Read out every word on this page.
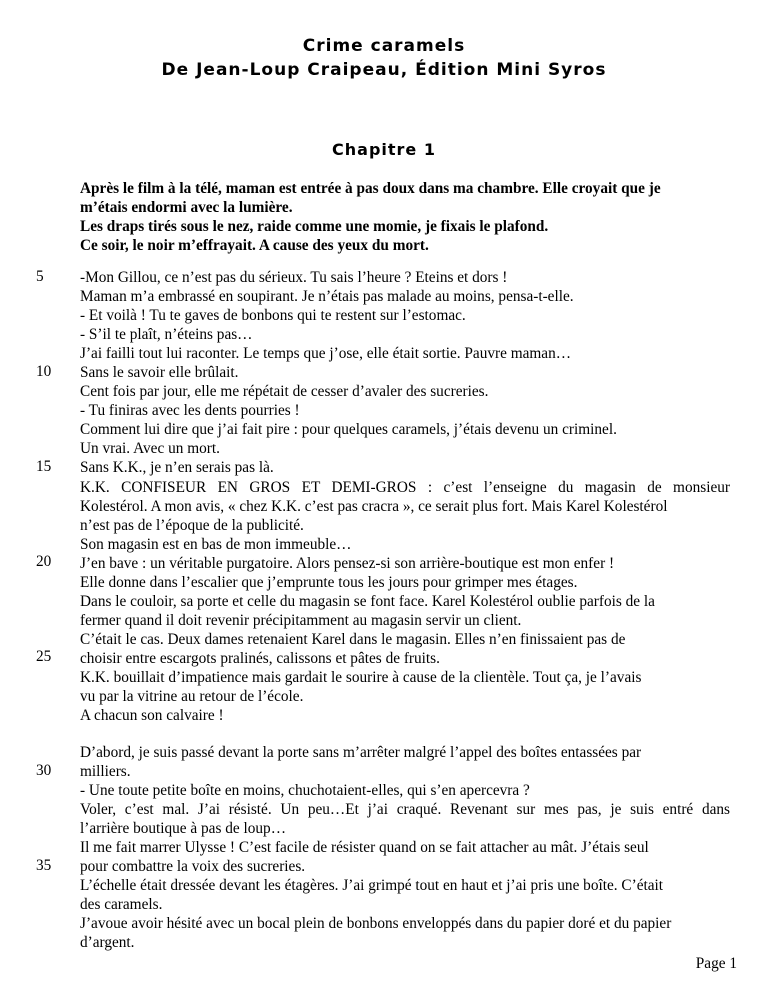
Crime caramels
De Jean-Loup Craipeau, Édition Mini Syros
Chapitre 1
Après le film à la télé, maman est entrée à pas doux dans ma chambre. Elle croyait que je
m’étais endormi avec la lumière.
Les draps tirés sous le nez, raide comme une momie, je fixais le plafond.
Ce soir, le noir m’effrayait. A cause des yeux du mort.
-Mon Gillou, ce n’est pas du sérieux. Tu sais l’heure ? Eteins et dors !
Maman m’a embrassé en soupirant. Je n’étais pas malade au moins, pensa-t-elle.
- Et voilà ! Tu te gaves de bonbons qui te restent sur l’estomac.
- S’il te plaît, n’éteins pas…
J’ai failli tout lui raconter. Le temps que j’ose, elle était sortie. Pauvre maman…
Sans le savoir elle brûlait.
Cent fois par jour, elle me répétait de cesser d’avaler des sucreries.
- Tu finiras avec les dents pourries !
Comment lui dire que j’ai fait pire : pour quelques caramels, j’étais devenu un criminel.
Un vrai. Avec un mort.
Sans K.K., je n’en serais pas là.
K.K. CONFISEUR EN GROS ET DEMI-GROS : c’est l’enseigne du magasin de monsieur
Kolestérol. A mon avis, « chez K.K. c’est pas cracra », ce serait plus fort. Mais Karel Kolestérol
n’est pas de l’époque de la publicité.
Son magasin est en bas de mon immeuble…
J’en bave : un véritable purgatoire. Alors pensez-si son arrière-boutique est mon enfer !
Elle donne dans l’escalier que j’emprunte tous les jours pour grimper mes étages.
Dans le couloir, sa porte et celle du magasin se font face. Karel Kolestérol oublie parfois de la
fermer quand il doit revenir précipitamment au magasin servir un client.
C’était le cas. Deux dames retenaient Karel dans le magasin. Elles n’en finissaient pas de
choisir entre escargots pralinés, calissons et pâtes de fruits.
K.K. bouillait d’impatience mais gardait le sourire à cause de la clientèle. Tout ça, je l’avais
vu par la vitrine au retour de l’école.
A chacun son calvaire !
D’abord, je suis passé devant la porte sans m’arrêter malgré l’appel des boîtes entassées par
milliers.
- Une toute petite boîte en moins, chuchotaient-elles, qui s’en apercevra ?
Voler, c’est mal. J’ai résisté. Un peu…Et j’ai craqué. Revenant sur mes pas, je suis entré dans
l’arrière boutique à pas de loup…
Il me fait marrer Ulysse ! C’est facile de résister quand on se fait attacher au mât. J’étais seul
pour combattre la voix des sucreries.
L’échelle était dressée devant les étagères. J’ai grimpé tout en haut et j’ai pris une boîte. C’était
des caramels.
J’avoue avoir hésité avec un bocal plein de bonbons enveloppés dans du papier doré et du papier
d’argent.
5
10
15
20
25
30
35
Page 1
